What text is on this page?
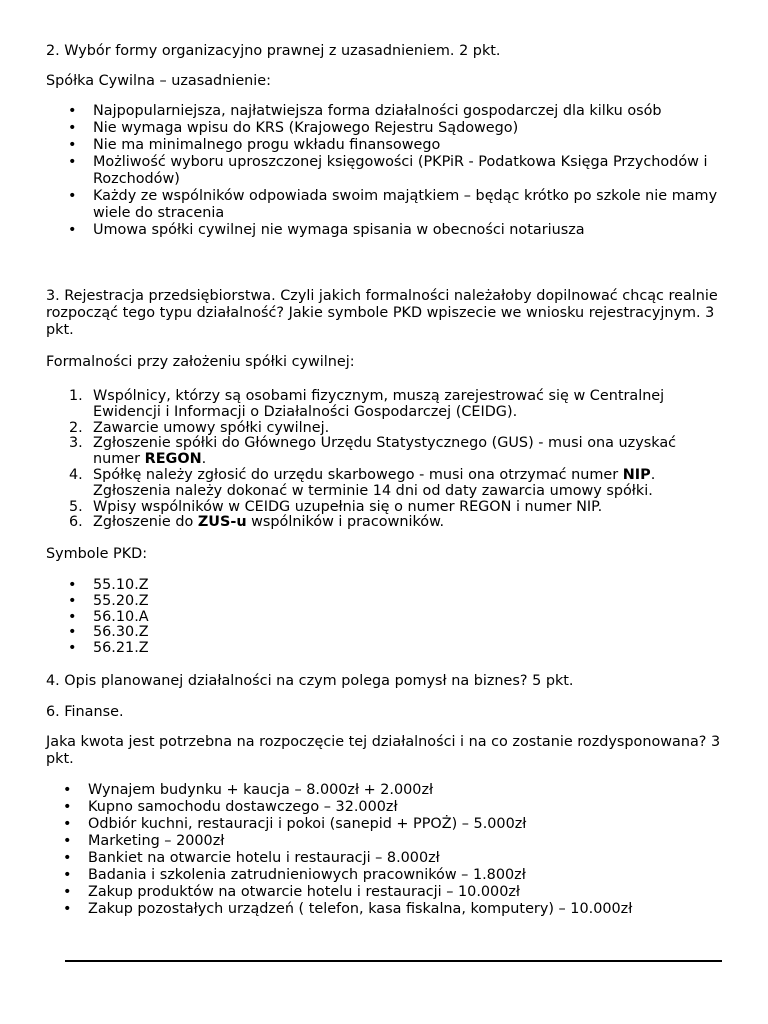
2. Wybór formy organizacyjno prawnej z uzasadnieniem. 2 pkt.

Spółka Cywilna – uzasadnienie:

• Najpopularniejsza, najłatwiejsza forma działalności gospodarczej dla kilku osób
• Nie wymaga wpisu do KRS (Krajowego Rejestru Sądowego)
• Nie ma minimalnego progu wkładu finansowego
• Możliwość wyboru uproszczonej księgowości (PKPiR - Podatkowa Księga Przychodów i Rozchodów)
• Każdy ze wspólników odpowiada swoim majątkiem – będąc krótko po szkole nie mamy wiele do stracenia
• Umowa spółki cywilnej nie wymaga spisania w obecności notariusza

3. Rejestracja przedsiębiorstwa. Czyli jakich formalności należałoby dopilnować chcąc realnie rozpocząć tego typu działalność? Jakie symbole PKD wpiszecie we wniosku rejestracyjnym. 3 pkt.

Formalności przy założeniu spółki cywilnej:

1. Wspólnicy, którzy są osobami fizycznym, muszą zarejestrować się w Centralnej Ewidencji i Informacji o Działalności Gospodarczej (CEIDG).
2. Zawarcie umowy spółki cywilnej.
3. Zgłoszenie spółki do Głównego Urzędu Statystycznego (GUS) - musi ona uzyskać numer REGON.
4. Spółkę należy zgłosić do urzędu skarbowego - musi ona otrzymać numer NIP. Zgłoszenia należy dokonać w terminie 14 dni od daty zawarcia umowy spółki.
5. Wpisy wspólników w CEIDG uzupełnia się o numer REGON i numer NIP.
6. Zgłoszenie do ZUS-u wspólników i pracowników.

Symbole PKD:

• 55.10.Z
• 55.20.Z
• 56.10.A
• 56.30.Z
• 56.21.Z

4. Opis planowanej działalności na czym polega pomysł na biznes? 5 pkt.

6. Finanse.

Jaka kwota jest potrzebna na rozpoczęcie tej działalności i na co zostanie rozdysponowana? 3 pkt.

• Wynajem budynku + kaucja – 8.000zł + 2.000zł
• Kupno samochodu dostawczego – 32.000zł
• Odbiór kuchni, restauracji i pokoi (sanepid + PPOŻ) – 5.000zł
• Marketing – 2000zł
• Bankiet na otwarcie hotelu i restauracji – 8.000zł
• Badania i szkolenia zatrudnieniowych pracowników – 1.800zł
• Zakup produktów na otwarcie hotelu i restauracji – 10.000zł
• Zakup pozostałych urządzeń ( telefon, kasa fiskalna, komputery) – 10.000zł
